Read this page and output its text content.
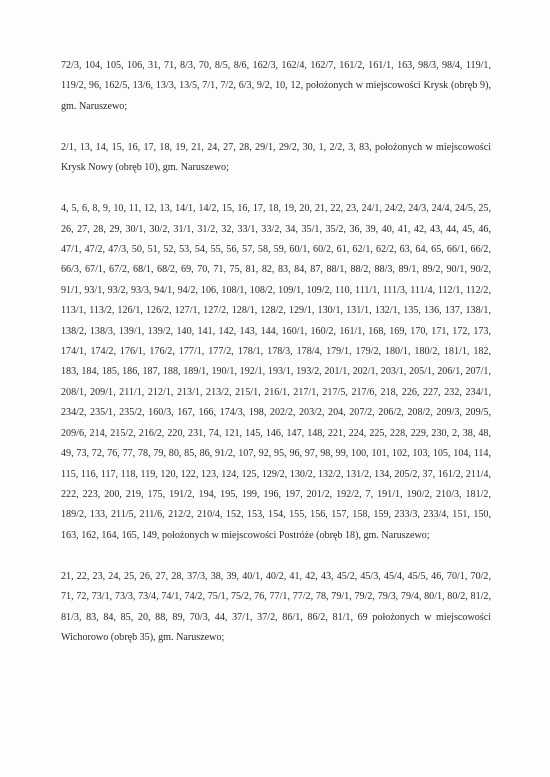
72/3, 104, 105, 106, 31, 71, 8/3, 70, 8/5, 8/6, 162/3, 162/4, 162/7, 161/2, 161/1, 163, 98/3, 98/4, 119/1, 119/2, 96, 162/5, 13/6, 13/3, 13/5, 7/1, 7/2, 6/3, 9/2, 10, 12, położonych w miejscowości Krysk (obręb 9), gm. Naruszewo;

2/1, 13, 14, 15, 16, 17, 18, 19, 21, 24, 27, 28, 29/1, 29/2, 30, 1, 2/2, 3, 83, położonych w miejscowości Krysk Nowy (obręb 10), gm. Naruszewo;

4, 5, 6, 8, 9, 10, 11, 12, 13, 14/1, 14/2, 15, 16, 17, 18, 19, 20, 21, 22, 23, 24/1, 24/2, 24/3, 24/4, 24/5, 25, 26, 27, 28, 29, 30/1, 30/2, 31/1, 31/2, 32, 33/1, 33/2, 34, 35/1, 35/2, 36, 39, 40, 41, 42, 43, 44, 45, 46, 47/1, 47/2, 47/3, 50, 51, 52, 53, 54, 55, 56, 57, 58, 59, 60/1, 60/2, 61, 62/1, 62/2, 63, 64, 65, 66/1, 66/2, 66/3, 67/1, 67/2, 68/1, 68/2, 69, 70, 71, 75, 81, 82, 83, 84, 87, 88/1, 88/2, 88/3, 89/1, 89/2, 90/1, 90/2, 91/1, 93/1, 93/2, 93/3, 94/1, 94/2, 106, 108/1, 108/2, 109/1, 109/2, 110, 111/1, 111/3, 111/4, 112/1, 112/2, 113/1, 113/2, 126/1, 126/2, 127/1, 127/2, 128/1, 128/2, 129/1, 130/1, 131/1, 132/1, 135, 136, 137, 138/1, 138/2, 138/3, 139/1, 139/2, 140, 141, 142, 143, 144, 160/1, 160/2, 161/1, 168, 169, 170, 171, 172, 173, 174/1, 174/2, 176/1, 176/2, 177/1, 177/2, 178/1, 178/3, 178/4, 179/1, 179/2, 180/1, 180/2, 181/1, 182, 183, 184, 185, 186, 187, 188, 189/1, 190/1, 192/1, 193/1, 193/2, 201/1, 202/1, 203/1, 205/1, 206/1, 207/1, 208/1, 209/1, 211/1, 212/1, 213/1, 213/2, 215/1, 216/1, 217/1, 217/5, 217/6, 218, 226, 227, 232, 234/1, 234/2, 235/1, 235/2, 160/3, 167, 166, 174/3, 198, 202/2, 203/2, 204, 207/2, 206/2, 208/2, 209/3, 209/5, 209/6, 214, 215/2, 216/2, 220, 231, 74, 121, 145, 146, 147, 148, 221, 224, 225, 228, 229, 230, 2, 38, 48, 49, 73, 72, 76, 77, 78, 79, 80, 85, 86, 91/2, 107, 92, 95, 96, 97, 98, 99, 100, 101, 102, 103, 105, 104, 114, 115, 116, 117, 118, 119, 120, 122, 123, 124, 125, 129/2, 130/2, 132/2, 131/2, 134, 205/2, 37, 161/2, 211/4, 222, 223, 200, 219, 175, 191/2, 194, 195, 199, 196, 197, 201/2, 192/2, 7, 191/1, 190/2, 210/3, 181/2, 189/2, 133, 211/5, 211/6, 212/2, 210/4, 152, 153, 154, 155, 156, 157, 158, 159, 233/3, 233/4, 151, 150, 163, 162, 164, 165, 149, położonych w miejscowości Postróże (obręb 18), gm. Naruszewo;

21, 22, 23, 24, 25, 26, 27, 28, 37/3, 38, 39, 40/1, 40/2, 41, 42, 43, 45/2, 45/3, 45/4, 45/5, 46, 70/1, 70/2, 71, 72, 73/1, 73/3, 73/4, 74/1, 74/2, 75/1, 75/2, 76, 77/1, 77/2, 78, 79/1, 79/2, 79/3, 79/4, 80/1, 80/2, 81/2, 81/3, 83, 84, 85, 20, 88, 89, 70/3, 44, 37/1, 37/2, 86/1, 86/2, 81/1, 69 położonych w miejscowości Wichorowo (obręb 35), gm. Naruszewo;
